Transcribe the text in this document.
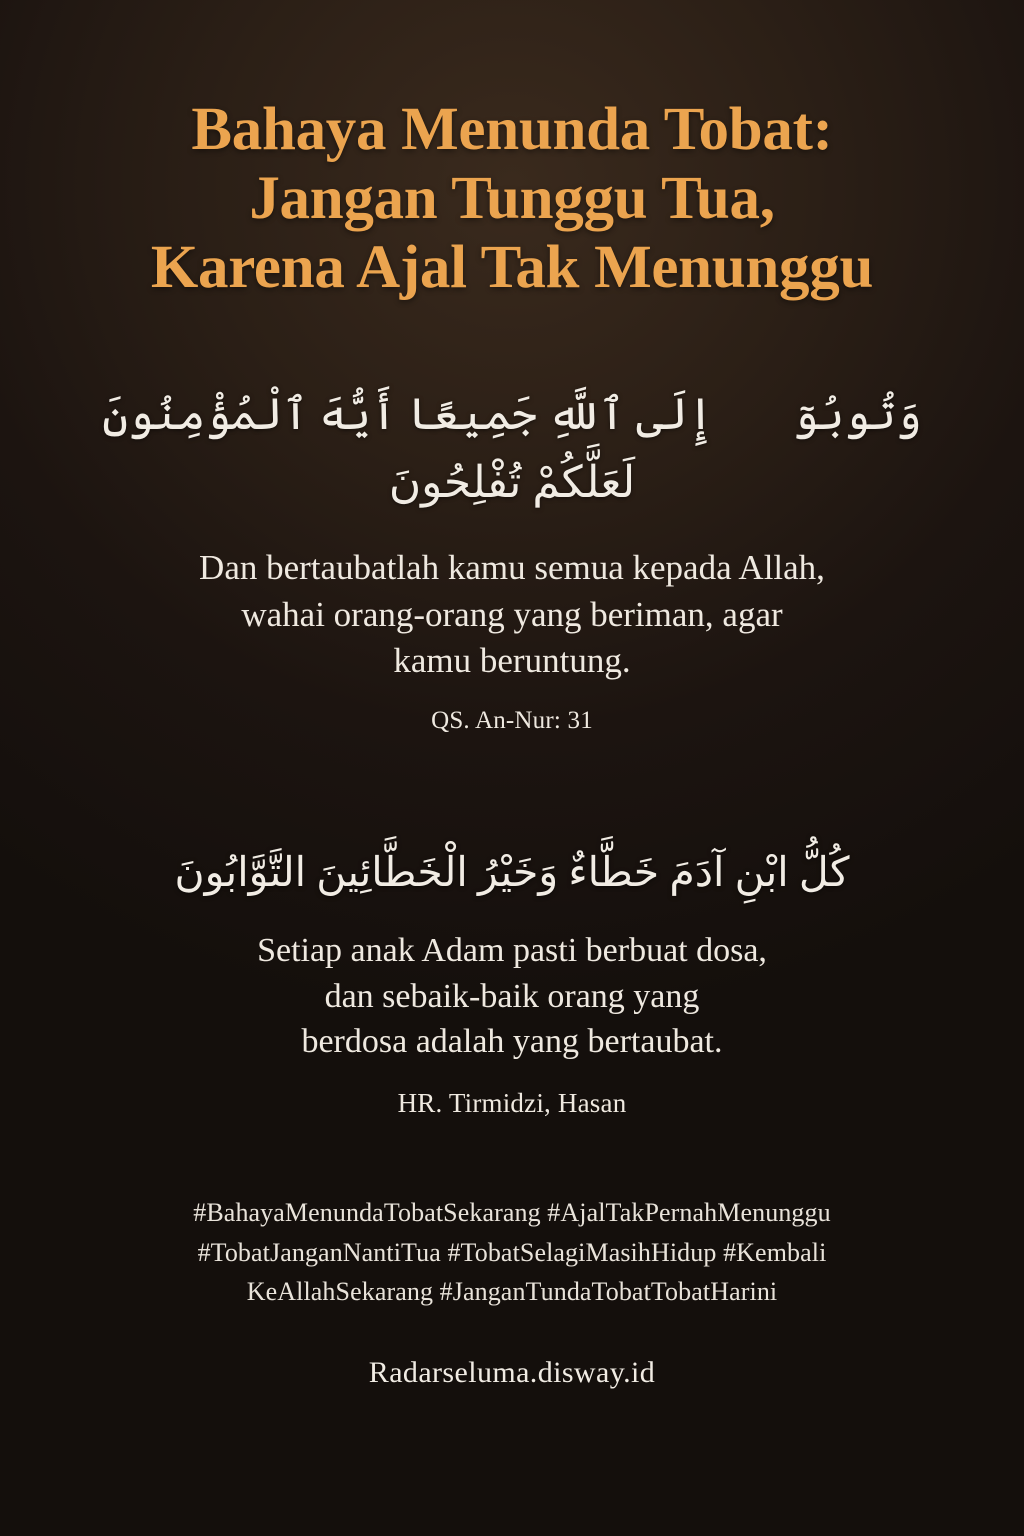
Bahaya Menunda Tobat:
Jangan Tunggu Tua,
Karena Ajal Tak Menunggu
وَتُوبُوٓا۟ إِلَى ٱللَّهِ جَمِيعًا أَيُّهَ ٱلْمُؤْمِنُونَ
لَعَلَّكُمْ تُفْلِحُونَ
Dan bertaubatlah kamu semua kepada Allah,
wahai orang-orang yang beriman, agar
kamu beruntung.
QS. An-Nur: 31
كُلُّ ابْنِ آدَمَ خَطَّاءٌ وَخَيْرُ الْخَطَّائِينَ التَّوَّابُونَ
Setiap anak Adam pasti berbuat dosa,
dan sebaik-baik orang yang
berdosa adalah yang bertaubat.
HR. Tirmidzi, Hasan
#BahayaMenundaTobatSekarang #AjalTakPernahMenunggu
#TobatJanganNantiTua #TobatSelagiMasihHidup #Kembali
KeAllahSekarang #JanganTundaTobatTobatHarini
Radarseluma.disway.id
